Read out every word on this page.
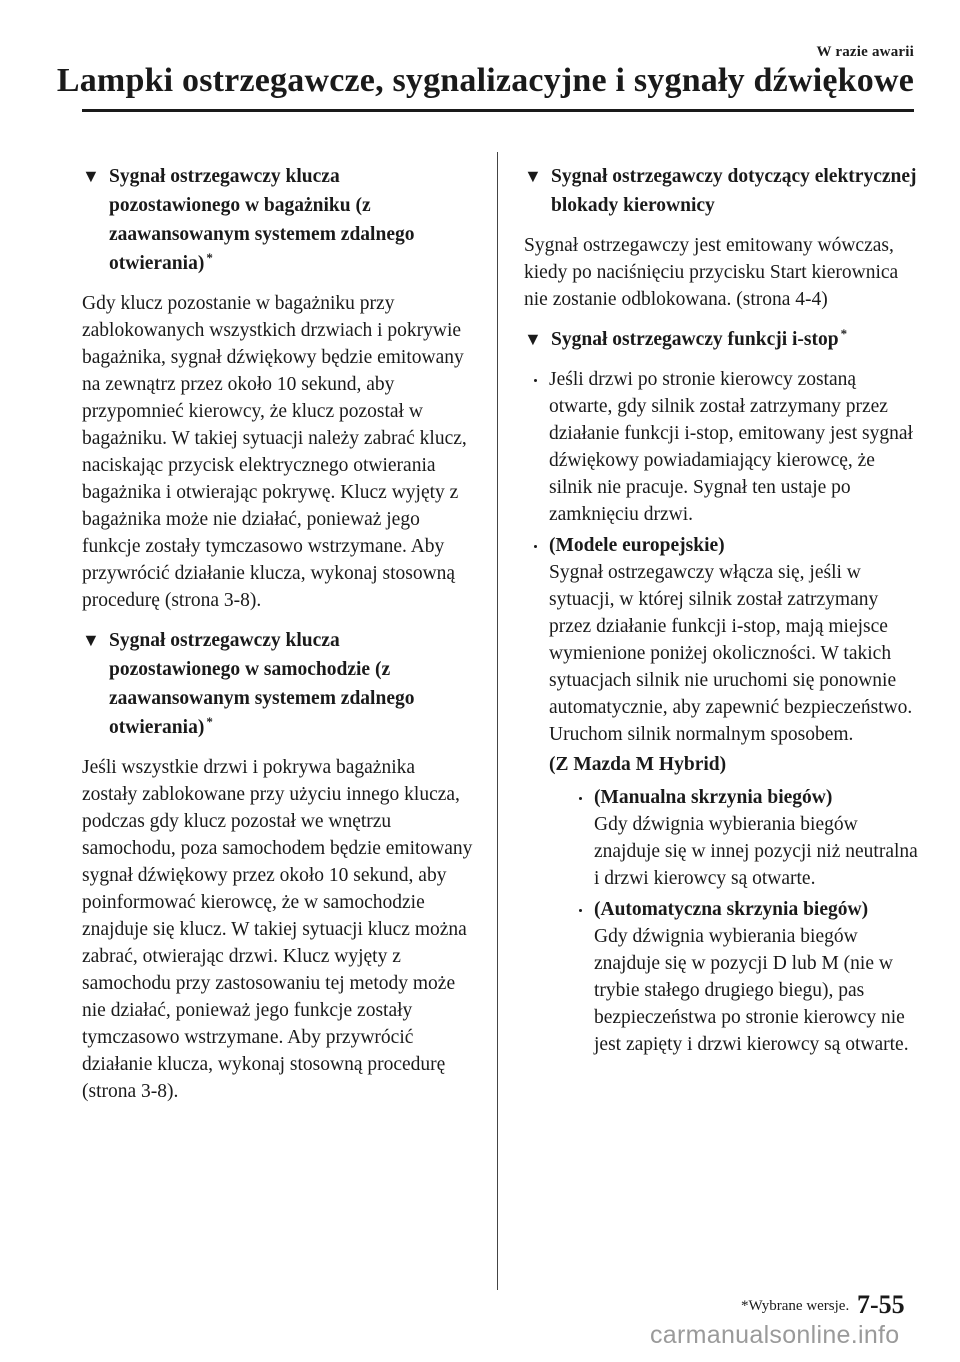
W razie awarii
Lampki ostrzegawcze, sygnalizacyjne i sygnały dźwiękowe
▼ Sygnał ostrzegawczy klucza pozostawionego w bagażniku (z zaawansowanym systemem zdalnego otwierania) *

Gdy klucz pozostanie w bagażniku przy zablokowanych wszystkich drzwiach i pokrywie bagażnika, sygnał dźwiękowy będzie emitowany na zewnątrz przez około 10 sekund, aby przypomnieć kierowcy, że klucz pozostał w bagażniku. W takiej sytuacji należy zabrać klucz, naciskając przycisk elektrycznego otwierania bagażnika i otwierając pokrywę. Klucz wyjęty z bagażnika może nie działać, ponieważ jego funkcje zostały tymczasowo wstrzymane. Aby przywrócić działanie klucza, wykonaj stosowną procedurę (strona 3-8).

▼ Sygnał ostrzegawczy klucza pozostawionego w samochodzie (z zaawansowanym systemem zdalnego otwierania) *

Jeśli wszystkie drzwi i pokrywa bagażnika zostały zablokowane przy użyciu innego klucza, podczas gdy klucz pozostał we wnętrzu samochodu, poza samochodem będzie emitowany sygnał dźwiękowy przez około 10 sekund, aby poinformować kierowcę, że w samochodzie znajduje się klucz. W takiej sytuacji klucz można zabrać, otwierając drzwi. Klucz wyjęty z samochodu przy zastosowaniu tej metody może nie działać, ponieważ jego funkcje zostały tymczasowo wstrzymane. Aby przywrócić działanie klucza, wykonaj stosowną procedurę (strona 3-8).

▼ Sygnał ostrzegawczy dotyczący elektrycznej blokady kierownicy

Sygnał ostrzegawczy jest emitowany wówczas, kiedy po naciśnięciu przycisku Start kierownica nie zostanie odblokowana. (strona 4-4)

▼ Sygnał ostrzegawczy funkcji i-stop *
Jeśli drzwi po stronie kierowcy zostaną otwarte, gdy silnik został zatrzymany przez działanie funkcji i-stop, emitowany jest sygnał dźwiękowy powiadamiający kierowcę, że silnik nie pracuje. Sygnał ten ustaje po zamknięciu drzwi.
(Modele europejskie)
Sygnał ostrzegawczy włącza się, jeśli w sytuacji, w której silnik został zatrzymany przez działanie funkcji i-stop, mają miejsce wymienione poniżej okoliczności. W takich sytuacjach silnik nie uruchomi się ponownie automatycznie, aby zapewnić bezpieczeństwo. Uruchom silnik normalnym sposobem.
(Z Mazda M Hybrid)
(Manualna skrzynia biegów)
Gdy dźwignia wybierania biegów znajduje się w innej pozycji niż neutralna i drzwi kierowcy są otwarte.
(Automatyczna skrzynia biegów)
Gdy dźwignia wybierania biegów znajduje się w pozycji D lub M (nie w trybie stałego drugiego biegu), pas bezpieczeństwa po stronie kierowcy nie jest zapięty i drzwi kierowcy są otwarte.
*Wybrane wersje. 7-55
carmanualsonline.info
